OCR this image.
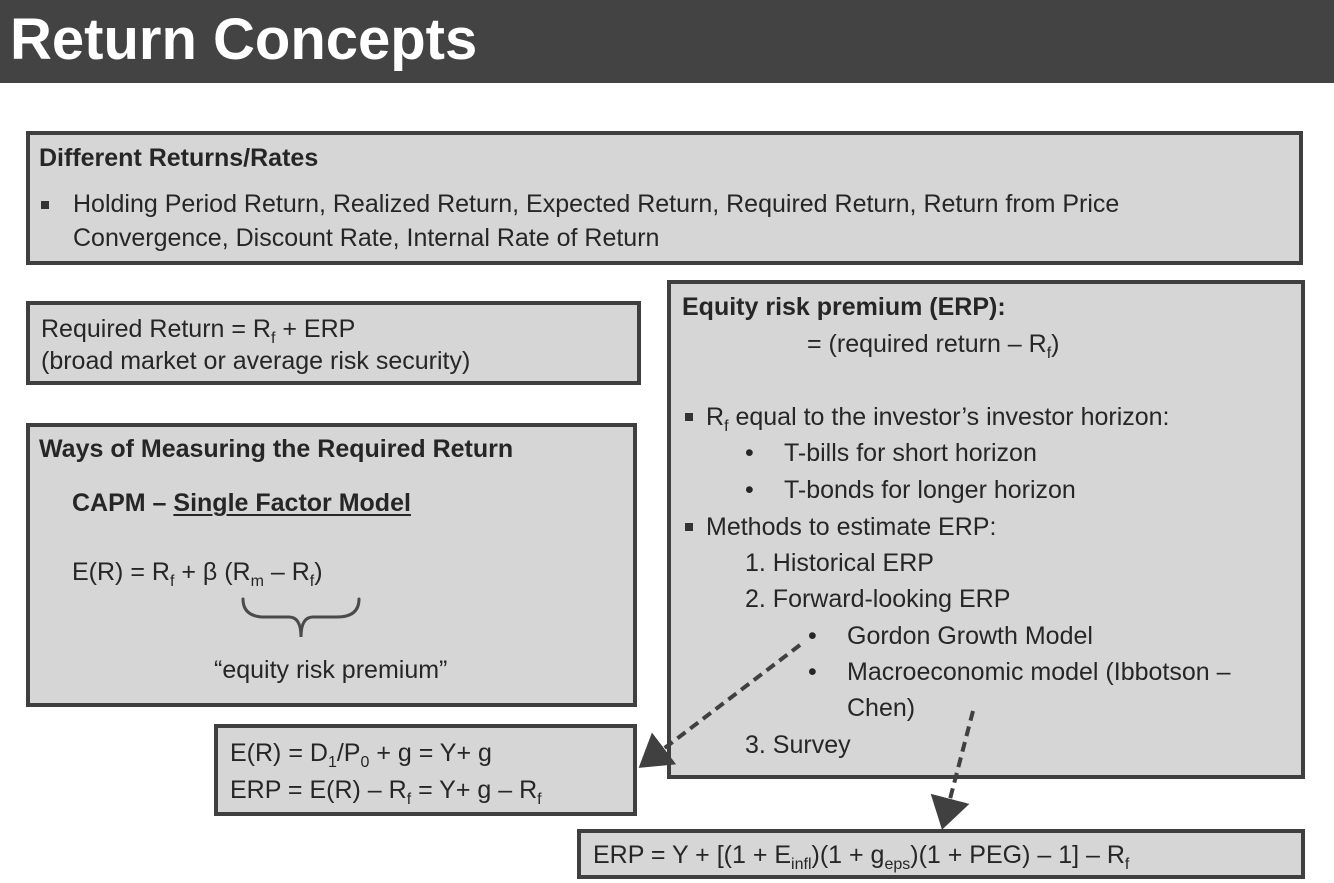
Return Concepts
Different Returns/Rates
Holding Period Return, Realized Return, Expected Return, Required Return, Return from Price
Convergence, Discount Rate, Internal Rate of Return
Required Return = $R_f$ + ERP
(broad market or average risk security)
Ways of Measuring the Required Return
CAPM – Single Factor Model
$E(R) = R_f + \beta$ $(R_m - R_f)$
“equity risk premium”
$E(R) = D_1/P_0 + g = Y+ g$
ERP = $E(R) - R_f = Y+ g - R_f$
Equity risk premium (ERP):
= (required return – $R_f$)
$R_f$ equal to the investor’s investor horizon:
• T-bills for short horizon
• T-bonds for longer horizon
Methods to estimate ERP:
1. Historical ERP
2. Forward-looking ERP
• Gordon Growth Model
• Macroeconomic model (Ibbotson –
Chen)
3. Survey
ERP = $Y + [(1 + E_{infl})(1 + g_{eps})(1 + PEG) - 1] - R_f$
